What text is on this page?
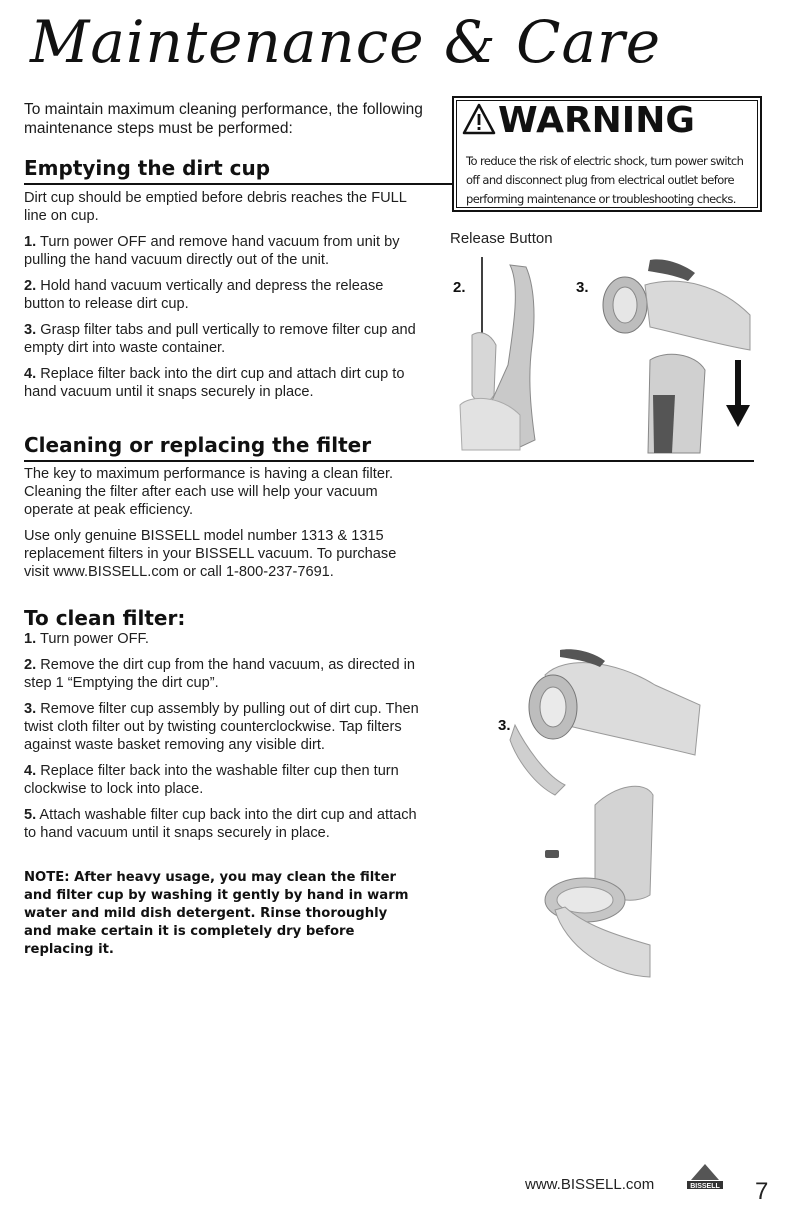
Maintenance & Care
To maintain maximum cleaning performance, the following maintenance steps must be performed:	WARNING
To reduce the risk of electric shock, turn power switch off and disconnect plug from electrical outlet before performing maintenance or troubleshooting checks.
Emptying the dirt cup

Dirt cup should be emptied before debris reaches the FULL line on cup.

1. Turn power OFF and remove hand vacuum from unit by pulling the hand vacuum directly out of the unit.

2. Hold hand vacuum vertically and depress the release button to release dirt cup.

3. Grasp filter tabs and pull vertically to remove filter cup and empty dirt into waste container.

4. Replace filter back into the dirt cup and attach dirt cup to hand vacuum until it snaps securely in place.

Release Button
2.	3.
Cleaning or replacing the filter

The key to maximum performance is having a clean filter. Cleaning the filter after each use will help your vacuum operate at peak efficiency.

Use only genuine BISSELL model number 1313 & 1315 replacement filters in your BISSELL vacuum. To purchase visit www.BISSELL.com or call 1-800-237-7691.

To clean filter:

1. Turn power OFF.

2. Remove the dirt cup from the hand vacuum, as directed in step 1 “Emptying the dirt cup”.

3. Remove filter cup assembly by pulling out of dirt cup. Then twist cloth filter out by twisting counterclockwise. Tap filters against waste basket removing any visible dirt.

4. Replace filter back into the washable filter cup then turn clockwise to lock into place.

5. Attach washable filter cup back into the dirt cup and attach to hand vacuum until it snaps securely in place.

NOTE: After heavy usage, you may clean the filter and filter cup by washing it gently by hand in warm water and mild dish detergent. Rinse thoroughly and make certain it is completely dry before replacing it.
3.
www.BISSELL.com	BISSELL 7
